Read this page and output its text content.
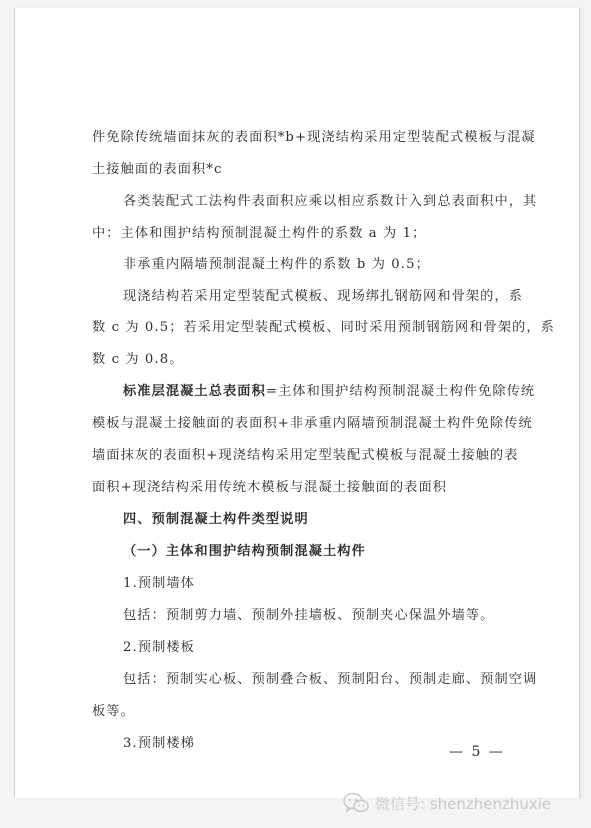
件免除传统墙面抹灰的表面积*b+现浇结构采用定型装配式模板与混凝
土接触面的表面积*c
各类装配式工法构件表面积应乘以相应系数计入到总表面积中，其
中：主体和围护结构预制混凝土构件的系数 a 为 1；
非承重内隔墙预制混凝土构件的系数 b 为 0.5；
现浇结构若采用定型装配式模板、现场绑扎钢筋网和骨架的，系
数 c 为 0.5；若采用定型装配式模板、同时采用预制钢筋网和骨架的，系
数 c 为 0.8。
标准层混凝土总表面积=主体和围护结构预制混凝土构件免除传统
模板与混凝土接触面的表面积+非承重内隔墙预制混凝土构件免除传统
墙面抹灰的表面积+现浇结构采用定型装配式模板与混凝土接触的表
面积+现浇结构采用传统木模板与混凝土接触面的表面积
四、预制混凝土构件类型说明
（一）主体和围护结构预制混凝土构件
1.预制墙体
包括：预制剪力墙、预制外挂墙板、预制夹心保温外墙等。
2.预制楼板
包括：预制实心板、预制叠合板、预制阳台、预制走廊、预制空调
板等。
3.预制楼梯
— 5 —
微信号: shenzhenzhuxie
